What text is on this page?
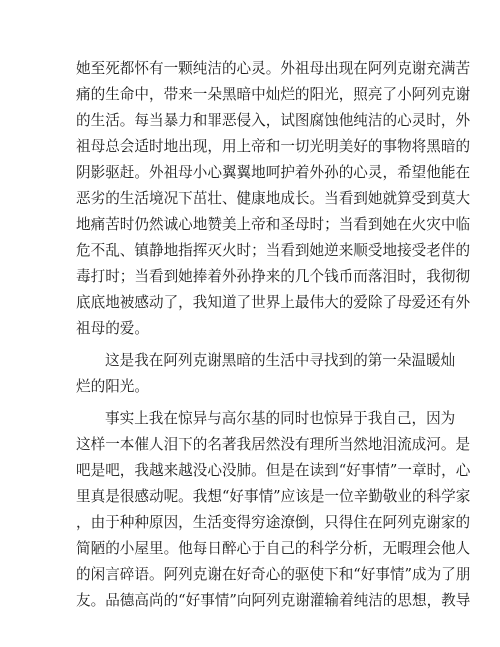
她至死都怀有一颗纯洁的心灵。外祖母出现在阿列克谢充满苦
痛的生命中，带来一朵黑暗中灿烂的阳光，照亮了小阿列克谢
的生活。每当暴力和罪恶侵入，试图腐蚀他纯洁的心灵时，外
祖母总会适时地出现，用上帝和一切光明美好的事物将黑暗的
阴影驱赶。外祖母小心翼翼地呵护着外孙的心灵，希望他能在
恶劣的生活境况下茁壮、健康地成长。当看到她就算受到莫大
地痛苦时仍然诚心地赞美上帝和圣母时；当看到她在火灾中临
危不乱、镇静地指挥灭火时；当看到她逆来顺受地接受老伴的
毒打时；当看到她捧着外孙挣来的几个钱币而落泪时，我彻彻
底底地被感动了，我知道了世界上最伟大的爱除了母爱还有外
祖母的爱。
这是我在阿列克谢黑暗的生活中寻找到的第一朵温暖灿
烂的阳光。
事实上我在惊异与高尔基的同时也惊异于我自己，因为
这样一本催人泪下的名著我居然没有理所当然地泪流成河。是
吧是吧，我越来越没心没肺。但是在读到“好事情”一章时，心
里真是很感动呢。我想“好事情”应该是一位辛勤敬业的科学家
，由于种种原因，生活变得穷途潦倒，只得住在阿列克谢家的
简陋的小屋里。他每日醉心于自己的科学分析，无暇理会他人
的闲言碎语。阿列克谢在好奇心的驱使下和“好事情”成为了朋
友。品德高尚的“好事情”向阿列克谢灌输着纯洁的思想，教导
